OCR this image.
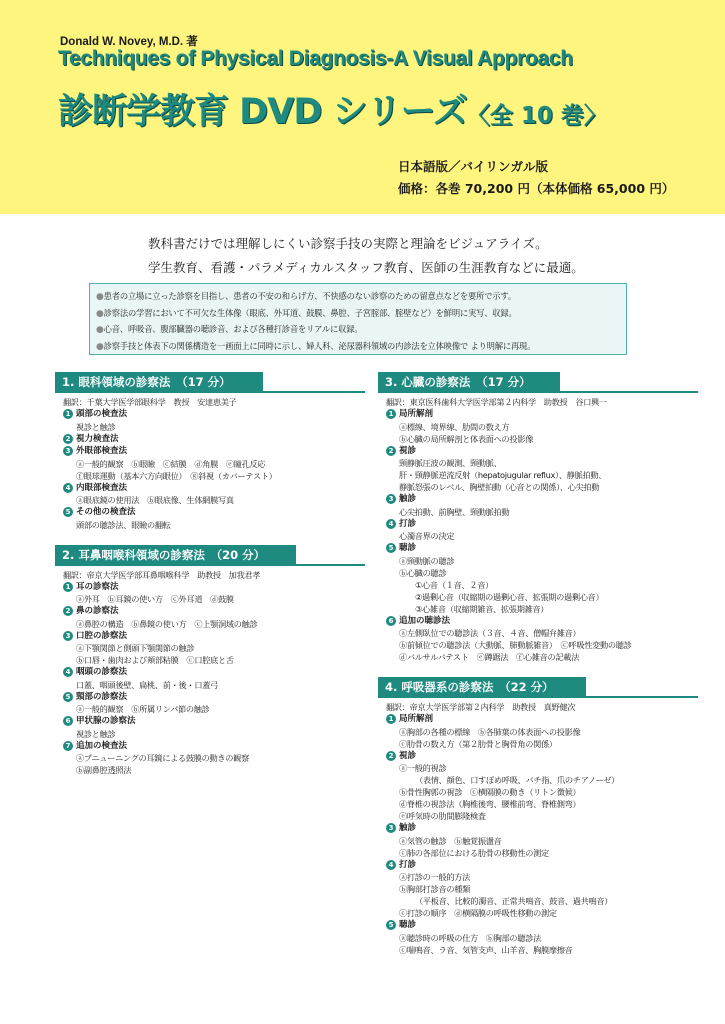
Donald W. Novey, M.D. 著
Techniques of Physical Diagnosis-A Visual Approach
診断学教育 DVD シリーズ〈全 10 巻〉
日本語版／バイリンガル版
価格：各巻 70,200 円（本体価格 65,000 円）
教科書だけでは理解しにくい診察手技の実際と理論をビジュアライズ。
学生教育、看護・パラメディカルスタッフ教育、医師の生涯教育などに最適。
●患者の立場に立った診察を目指し、患者の不安の和らげ方、不快感のない診察のための留意点などを要所で示す。
●診察法の学習において不可欠な生体像（眼底、外耳道、鼓膜、鼻腔、子宮腟部、腟壁など）を鮮明に実写、収録。
●心音、呼吸音、腹部臓器の聴診音、および各種打診音をリアルに収録。
●診察手技と体表下の関係構造を一画面上に同時に示し、婦人科、泌尿器科領域の内診法を立体映像で より明解に再現。
1. 眼科領域の診察法　（17 分）
翻訳：千葉大学医学部眼科学　教授　安達恵美子
1 頭部の検査法
視診と触診
2 視力検査法
3 外眼部検査法
ⓐ一般的観察　ⓑ眼瞼　ⓒ結膜　ⓓ角膜　ⓔ瞳孔反応
ⓕ眼球運動（基本六方向眼位）　ⓖ斜視（カバーテスト）
4 内眼部検査法
ⓐ眼底鏡の使用法　ⓑ眼底像、生体網膜写真
5 その他の検査法
頭部の聴診法、眼瞼の翻転
2. 耳鼻咽喉科領域の診察法　（20 分）
翻訳：帝京大学医学部耳鼻咽喉科学　助教授　加我君孝
1 耳の診察法
ⓐ外耳　ⓑ耳鏡の使い方　ⓒ外耳道　ⓓ鼓膜
2 鼻の診察法
ⓐ鼻腔の構造　ⓑ鼻鏡の使い方　ⓒ上顎洞域の触診
3 口腔の診察法
ⓐ下顎関節と側頭下顎関節の触診
ⓑ口唇・歯肉および頬部粘膜　ⓒ口腔底と舌
4 咽頭の診察法
口蓋、咽頭後壁、扁桃、前・後・口蓋弓
5 頸部の診察法
ⓐ一般的観察　ⓑ所属リンパ節の触診
6 甲状腺の診察法
視診と触診
7 追加の検査法
ⓐプニューニングの耳鏡による鼓膜の動きの観察
ⓑ副鼻腔透照法
3. 心臓の診察法　（17 分）
翻訳：東京医科歯科大学医学部第２内科学　助教授　谷口興一
1 局所解剖
ⓐ標線、境界線、肋間の数え方
ⓑ心臓の局所解剖と体表面への投影像
2 視診
頸静脈圧波の観測、頸動脈、
肝・頸静脈逆流反射（hepatojugular reflux）、静脈拍動、
静脈怒張のレベル、胸壁拍動（心音との関係）、心尖拍動
3 触診
心尖拍動、前胸壁、頸動脈拍動
4 打診
心濁音界の決定
5 聴診
ⓐ頸動脈の聴診
ⓑ心臓の聴診
①心音（１音、２音）
②過剰心音（収縮期の過剰心音、拡張期の過剰心音）
③心雑音（収縮期雑音、拡張期雑音）
6 追加の聴診法
ⓐ左側臥位での聴診法（３音、４音、僧帽弁雑音）
ⓑ前傾位での聴診法（大動脈、肺動脈雑音）　ⓒ呼吸性変動の聴診
ⓓバルサルバテスト　ⓔ蹲踞法　ⓕ心雑音の記載法
4. 呼吸器系の診察法　（22 分）
翻訳：帝京大学医学部第２内科学　助教授　真野健次
1 局所解剖
ⓐ胸部の各種の標線　ⓑ各肺葉の体表面への投影像
ⓒ肋骨の数え方（第２肋骨と胸骨角の関係）
2 視診
ⓐ一般的視診
（表情、顔色、口すぼめ呼吸、バチ指、爪のチアノーゼ）
ⓑ骨性胸郭の視診　ⓒ横隔膜の動き（リトン徴候）
ⓓ脊椎の視診法（胸椎後弯、腰椎前弯、脊椎側弯）
ⓔ呼気時の肋間膨隆検査
3 触診
ⓐ気管の触診　ⓑ触覚振盪音
ⓒ肺の各部位における肋骨の移動性の測定
4 打診
ⓐ打診の一般的方法
ⓑ胸部打診音の種類
（平板音、比較的濁音、正常共鳴音、鼓音、過共鳴音）
ⓒ打診の順序　ⓓ横隔膜の呼吸性移動の測定
5 聴診
ⓐ聴診時の呼吸の仕方　ⓑ胸部の聴診法
ⓒ喘鳴音、ラ音、気管支声、山羊音、胸膜摩擦音
